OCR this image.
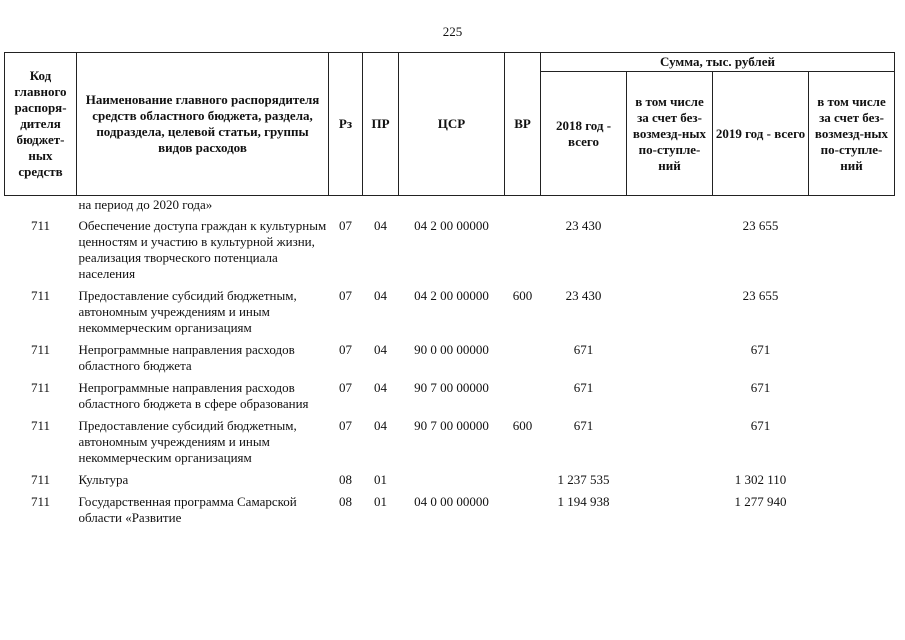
225
Код главного распоря-дителя бюджет-ных средств	Наименование главного распорядителя средств областного бюджета, раздела, подраздела, целевой статьи, группы видов расходов	Рз	ПР	ЦСР	ВР	Сумма, тыс. рублей			
						2018 год - всего	в том числе за счет без-возмезд-ных по-ступле-ний	2019 год - всего	в том числе за счет без-возмезд-ных по-ступле-ний
	на период до 2020 года»								
711	Обеспечение доступа граждан к культурным ценностям и участию в культурной жизни, реализация творческого потенциала населения	07	04	04 2 00 00000		23 430		23 655	
711	Предоставление субсидий бюджетным, автономным учреждениям и иным некоммерческим организациям	07	04	04 2 00 00000	600	23 430		23 655	
711	Непрограммные направления расходов областного бюджета	07	04	90 0 00 00000		671		671	
711	Непрограммные направления расходов областного бюджета в сфере образования	07	04	90 7 00 00000		671		671	
711	Предоставление субсидий бюджетным, автономным учреждениям и иным некоммерческим организациям	07	04	90 7 00 00000	600	671		671	
711	Культура	08	01			1 237 535		1 302 110	
711	Государственная программа Самарской области «Развитие	08	01	04 0 00 00000		1 194 938		1 277 940	
